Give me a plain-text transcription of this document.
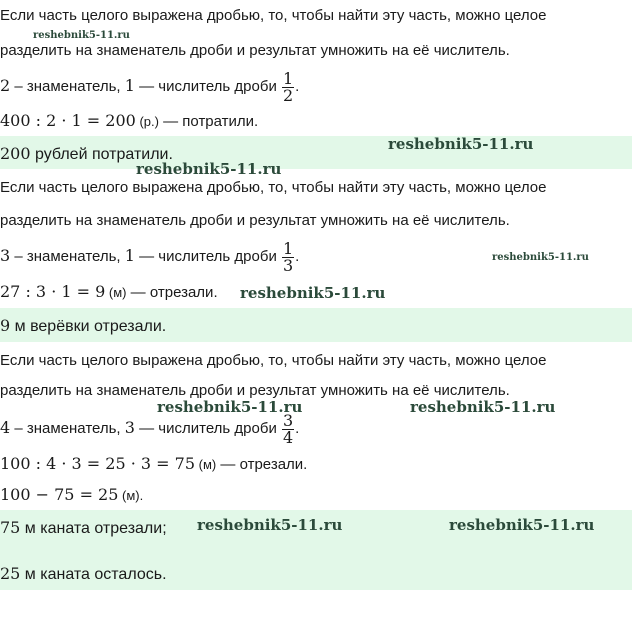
Если часть целого выражена дробью, то, чтобы найти эту часть, можно целое
reshebnik5-11.ru
разделить на знаменатель дроби и результат умножить на её числитель.
2 – знаменатель, 1 — числитель дроби $\frac{1}{2}$ .
400 : 2 · 1 = 200 (р.) — потратили.
200 рублей потратили.
reshebnik5-11.ru
reshebnik5-11.ru
Если часть целого выражена дробью, то, чтобы найти эту часть, можно целое
разделить на знаменатель дроби и результат умножить на её числитель.
3 – знаменатель, 1 — числитель дроби $\frac{1}{3}$ .	reshebnik5-11.ru
27 : 3 · 1 = 9 (м) — отрезали. reshebnik5-11.ru
9 м верёвки отрезали.
Если часть целого выражена дробью, то, чтобы найти эту часть, можно целое
разделить на знаменатель дроби и результат умножить на её числитель.
reshebnik5-11.ru	reshebnik5-11.ru
4 – знаменатель, 3 — числитель дроби $\frac{3}{4}$ .
100 : 4 · 3 = 25 · 3 = 75 (м) — отрезали.
100 − 75 = 25 (м).
75 м каната отрезали; reshebnik5-11.ru	reshebnik5-11.ru
25 м каната осталось.
